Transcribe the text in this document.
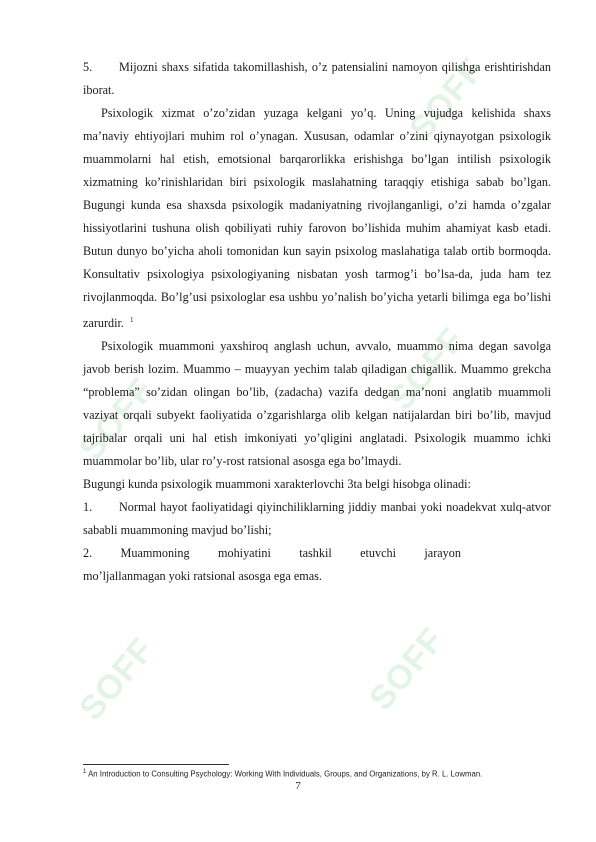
SOFF	SOFF
SOFF
SOFF
SOFF

5. Mijozni shaxs sifatida takomillashish, o’z patensialini namoyon qilishga erishtirishdan iborat.

Psixologik xizmat o’zo’zidan yuzaga kelgani yo’q. Uning vujudga kelishida shaxs ma’naviy ehtiyojlari muhim rol o’ynagan. Xususan, odamlar o’zini qiynayotgan psixologik muammolarni hal etish, emotsional barqarorlikka erishishga bo’lgan intilish psixologik xizmatning ko’rinishlaridan biri psixologik maslahatning taraqqiy etishiga sabab bo’lgan. Bugungi kunda esa shaxsda psixologik madaniyatning rivojlanganligi, o’zi hamda o’zgalar hissiyotlarini tushuna olish qobiliyati ruhiy farovon bo’lishida muhim ahamiyat kasb etadi. Butun dunyo bo’yicha aholi tomonidan kun sayin psixolog maslahatiga talab ortib bormoqda. Konsultativ psixologiya psixologiyaning nisbatan yosh tarmog’i bo’lsa-da, juda ham tez rivojlanmoqda. Bo’lg’usi psixologlar esa ushbu yo’nalish bo’yicha yetarli bilimga ega bo’lishi zarurdir. $^1$

Psixologik muammoni yaxshiroq anglash uchun, avvalo, muammo nima degan savolga javob berish lozim. Muammo – muayyan yechim talab qiladigan chigallik. Muammo grekcha “problema” so’zidan olingan bo’lib, (zadacha) vazifa dedgan ma’noni anglatib muammoli vaziyat orqali subyekt faoliyatida o’zgarishlarga olib kelgan natijalardan biri bo’lib, mavjud tajribalar orqali uni hal etish imkoniyati yo’qligini anglatadi. Psixologik muammo ichki muammolar bo’lib, ular ro’y-rost ratsional asosga ega bo’lmaydi.

Bugungi kunda psixologik muammoni xarakterlovchi 3ta belgi hisobga olinadi:

1. Normal hayot faoliyatidagi qiyinchiliklarning jiddiy manbai yoki noadekvat xulq-atvor sababli muammoning mavjud bo’lishi;

2. Muammoning mohiyatini tashkil etuvchi jarayon
mo’ljallanmagan yoki ratsional asosga ega emas.
$^1$ An Introduction to Consulting Psychology: Working With Individuals, Groups, and Organizations, by R. L. Lowman.
7
